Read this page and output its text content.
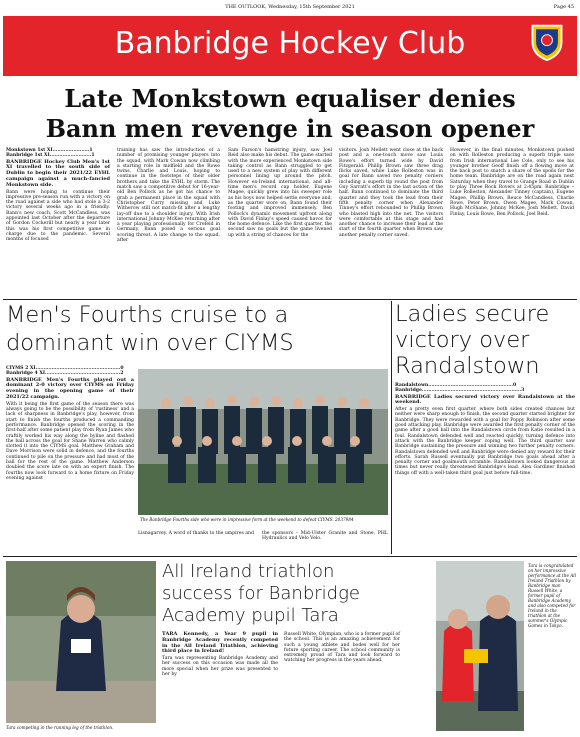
THE OUTLOOK, Wednesday, 15th September 2021	Page 45
Banbridge Hockey Club
Late Monkstown equaliser denies
Bann men revenge in season opener
Monkstown 1st XI.......................1
Banbridge 1st XI..........................1

BANBRIDGE Hockey Club Men's 1st XI travelled to the south side of Dublin to begin their 2021/22 EYHL campaign against a much-fancied Monkstown side.

Bann were hoping to continue their impressive pre-season run with a victory on the road against a side who had stole a 3-2 victory several weeks ago in a friendly. Bann's new coach, Scott McCandless, was appointed last October after the departure of Gordon Cockerill but nearly a year later this was his first competitive game in charge due to the pandemic. Several months of focused

training has saw the introduction of a number of promising younger players into the squad, with Mark Cowan now climbing a starting role in midfield and the Rowe twins, Charlie and Louis, hoping to continue in the footsteps of their older brothers and take the EYHL by storm. The match saw a competitive debut for 16-year-old Ben Pollock as he got his chance to grab a permanent place in the squad with Christopher Curry missing and Luke Witherow still not match-fit after a lengthy lay-off due to a shoulder injury. With Irish international Johnny McKee returning after a year playing professionally for Crefeld in Germany, Bann posed a serious goal scoring threat. A late change to the squad, after
Sam Farson's hamstring injury, saw Joel Reid also make his debut. The game started with the more experienced Monkstown side taking control as Bann struggled to get used to a new system of play with different personnel lining up around the pitch. However ex-Ireland international, and all-time men's record cap holder, Eugene Magee, quickly grew into his sweeper role as his boys now helped settle everyone and, as the quarter wore on, Bann found their footing and improved immensely. Ben Pollock's dynamic movement upfront along with David Finlay's speed caused havoc for the home defence. Like the first quarter, the second saw no goals but the game livened up with a string of chances for the
visitors. Josh Mellett went close at the back post and a one-touch move saw Louis Rowe's effort turned wide by David Fitzgerald. Phillip Brown saw three drag flicks saved, while Luke Rolleston was in goal for Bann saved two penalty corners including a superb tip round the post from Guy Sarratt's effort in the last action of the half. Bann continued to dominate the third quarter and they took the lead from their fifth penalty corner when Alexander Tinney's effort rebounded to Phillip Brown who blasted high into the net. The visitors were comfortable at this stage and had another chance to increase their lead at the start of the fourth quarter when Brown saw another penalty corner saved.
However, in the final minutes, Monkstown pushed on with Rolleston producing a superb triple save from Irish international Lee Cole, only to see his younger brother Geoff finish off a flowing move at the back post to snatch a share of the spoils for the home team. Banbridge are on the road again next Saturday when they travel to Grange Road in Dublin to play Three Rock Rovers at 2:45pm. Banbridge – Luke Rolleston, Alexander Tinney (captain), Eugene Magee, Phillip Brown, Reuce McCandless, Charlie Rowe, Peter Brown, Owen Magee, Mark Cowan, Hugh McShane, Johnny McKee, Josh Mellett, David Finlay, Louis Rowe, Ben Pollock, Joel Reid.
Men's Fourths cruise to a
dominant win over CIYMS
CIYMS 2 XI.....................................................0
Banbridge 4 XI...............................................2

BANBRIDGE Men's Fourths played out a dominant 2-0 victory over CIYMS on Friday evening in the opening game of their 2021/22 campaign.

With it being the first game of the season there was always going to be the possibility of 'rustiness' and a lack of sharpness in Banbridge's play, however, from start to finish the fourths produced a commanding performance. Banbridge opened the scoring in the first-half after some patient play from Ryan James who craftily worked his way along the byline and flashed the ball across the goal for Shane Warren who calmly slotted it into the CIYMS goal. Matthew Graham and Dave Morrison were solid in defence, and the fourths continued to pile on the pressure and had most of the ball for the rest of the game. Matthew Anderson doubled the score late on with an expert finish. The fourths now look forward to a home fixture on Friday evening against

The Banbridge Fourths side who were in impressive form at the weekend to defeat CIYMS. 2037984
Lisnagarvey. A word of thanks to the umpires and	the sponsors – Mid-Ulster Granite and Stone, PHL Hydraulics and Velo Velo.
Ladies secure
victory over
Randalstown
Randalstown.....................................................0
Banbridge..............................................................3

BANBRIDGE Ladies secured victory over Randalstown at the weekend.

After a pretty even first quarter, where both sides created chances but neither were sharp enough to finish, the second quarter started brighter for Banbridge. They were rewarded with a goal for Poppy Robinson after some good attacking play. Banbridge were awarded the first penalty corner of the game after a good ball into the Randalstown circle from Katie resulted in a foul. Randalstown defended well and reacted quickly, turning defence into attack with the Banbridge keeper coping well. The third quarter saw Banbridge sustaining the pressure and winning two further penalty corners. Randalstown defended well and Banbridge were denied any reward for their efforts. Sarah Russell eventually put Banbridge two goals ahead after a penalty corner and goalmouth scramble. Randalstown looked dangerous at times but never really threatened Banbridge's lead. Alex Gardiner finished things off with a well-taken third goal just before full-time.

Tara competing in the running leg of the triathlon.
All Ireland triathlon
success for Banbridge
Academy pupil Tara

TARA Kennedy, a Year 9 pupil in Banbridge Academy recently competed in the All Ireland Triathlon, achieving third place in Ireland!

Tara was representing Banbridge Academy and her success on this occasion was made all the more special when her prize was presented to her by

Russell White, Olympian, who is a former pupil of the school. This is an amazing achievement for such a young athlete and bodes well for her future sporting career. The school community is extremely proud of Tara and look forward to watching her progress in the years ahead.
Tara is congratulated on her impressive performance at the All Ireland Triathlon by Banbridge man Russell White, a former pupil of Banbridge Academy and also competed for Ireland in the triathlon at the summer's Olympic Games in Tokyo.
